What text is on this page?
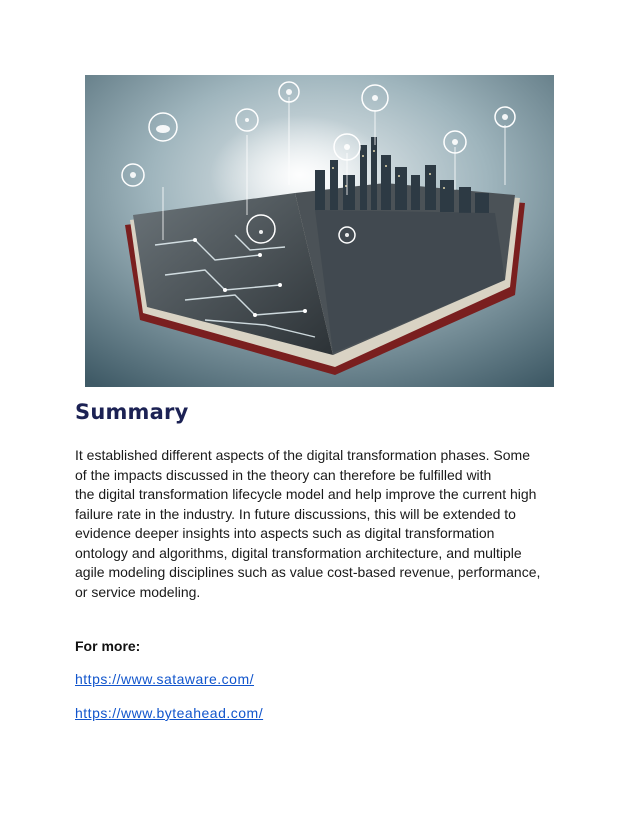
Summary

It established different aspects of the digital transformation phases. Some
of the impacts discussed in the theory can therefore be fulfilled with
the digital transformation lifecycle model and help improve the current high
failure rate in the industry. In future discussions, this will be extended to
evidence deeper insights into aspects such as digital transformation
ontology and algorithms, digital transformation architecture, and multiple
agile modeling disciplines such as value cost-based revenue, performance,
or service modeling.

For more:

https://www.sataware.com/
https://www.byteahead.com/
